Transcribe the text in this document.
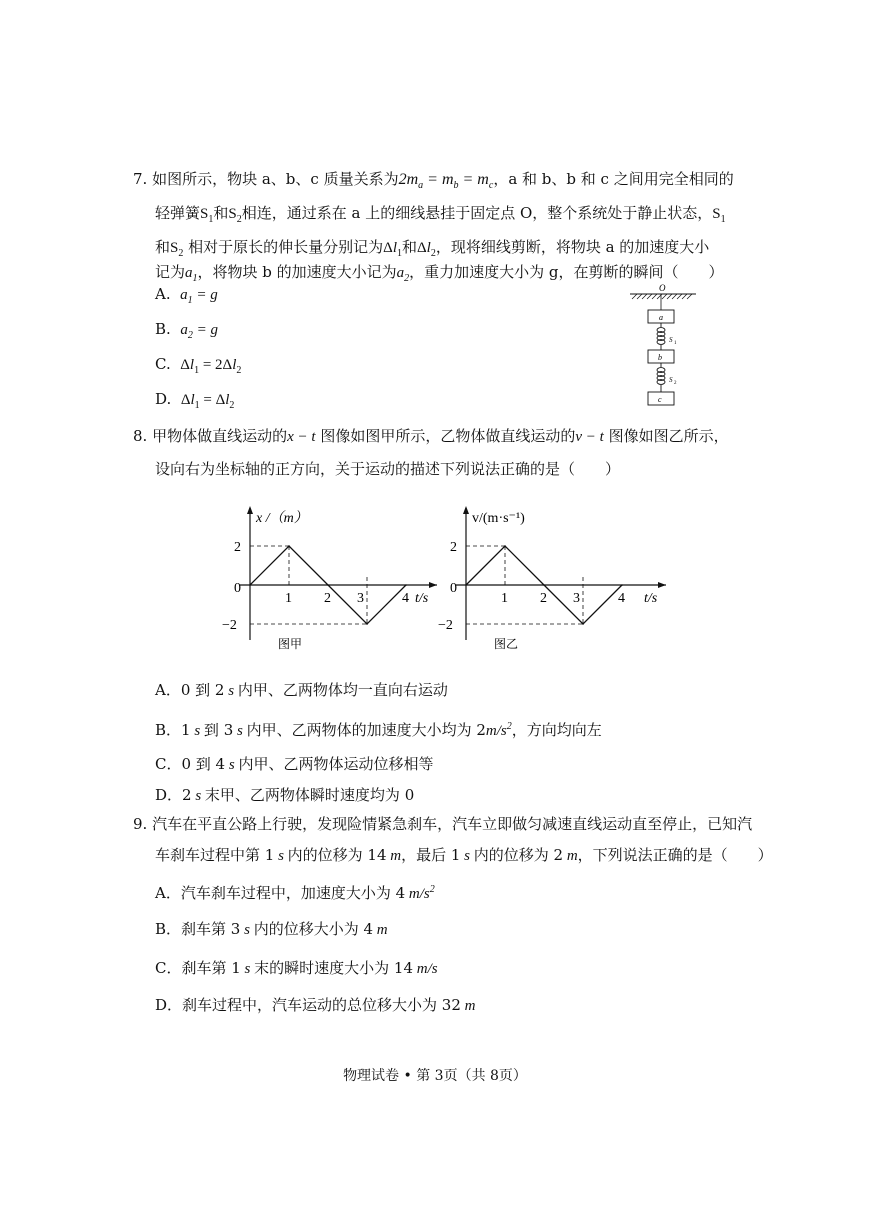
7. 如图所示，物块 a、b、c 质量关系为$2m_a = m_b = m_c$，a 和 b、b 和 c 之间用完全相同的
轻弹簧$S_1$和$S_2$相连，通过系在 a 上的细线悬挂于固定点 O，整个系统处于静止状态，$S_1$
和$S_2$ 相对于原长的伸长量分别记为$\Delta l_1$和$\Delta l_2$，现将细线剪断，将物块 a 的加速度大小
记为$a_1$，将物块 b 的加速度大小记为$a_2$，重力加速度大小为 g，在剪断的瞬间（　　）
A. $a_1 = g$
B. $a_2 = g$
C. $\Delta l_1 = 2\Delta l_2$
D. $\Delta l_1 = \Delta l_2$
O
a
S 1
b
S 2
c
8. 甲物体做直线运动的x − t 图像如图甲所示，乙物体做直线运动的v − t 图像如图乙所示，
设向右为坐标轴的正方向，关于运动的描述下列说法正确的是（　　）
1 2 3	4
2
0
−2
t/s
x /（m）
图甲
1 2 3	4
2
0
−2
t/s
v/(m·s⁻¹)
图乙
A．0 到 2 s 内甲、乙两物体均一直向右运动
B．1 s 到 3 s 内甲、乙两物体的加速度大小均为 $2m/s^2$，方向均向左
C．0 到 4 s 内甲、乙两物体运动位移相等
D．2 s 末甲、乙两物体瞬时速度均为 0
9. 汽车在平直公路上行驶，发现险情紧急刹车，汽车立即做匀减速直线运动直至停止，已知汽
车刹车过程中第 1 s 内的位移为 14 m，最后 1 s 内的位移为 2 m，下列说法正确的是（　　）
A．汽车刹车过程中，加速度大小为 4 $m/s^2$
B．刹车第 3 s 内的位移大小为 4 m
C．刹车第 1 s 末的瞬时速度大小为 14 m/s
D．刹车过程中，汽车运动的总位移大小为 32 m
物理试卷 • 第 3页（共 8页）
